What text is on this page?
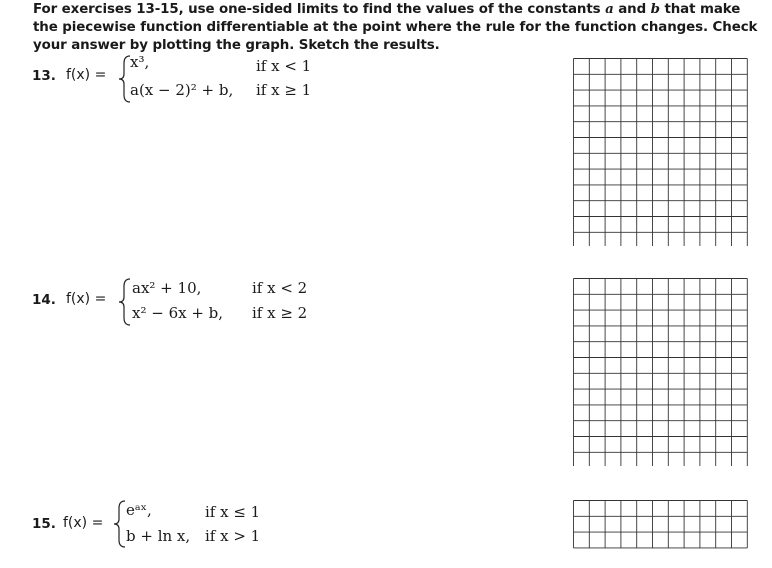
For exercises 13-15, use one-sided limits to find the values of the constants a and b that make the piecewise function differentiable at the point where the rule for the function changes. Check your answer by plotting the graph. Sketch the results.
13. f(x) =
x³,	if x < 1
a(x − 2)² + b, if x ≥ 1
14. f(x) =
ax² + 10,	if x < 2
x² − 6x + b, if x ≥ 2
15. f(x) =
eᵃˣ,	if x ≤ 1
b + ln x, if x > 1
